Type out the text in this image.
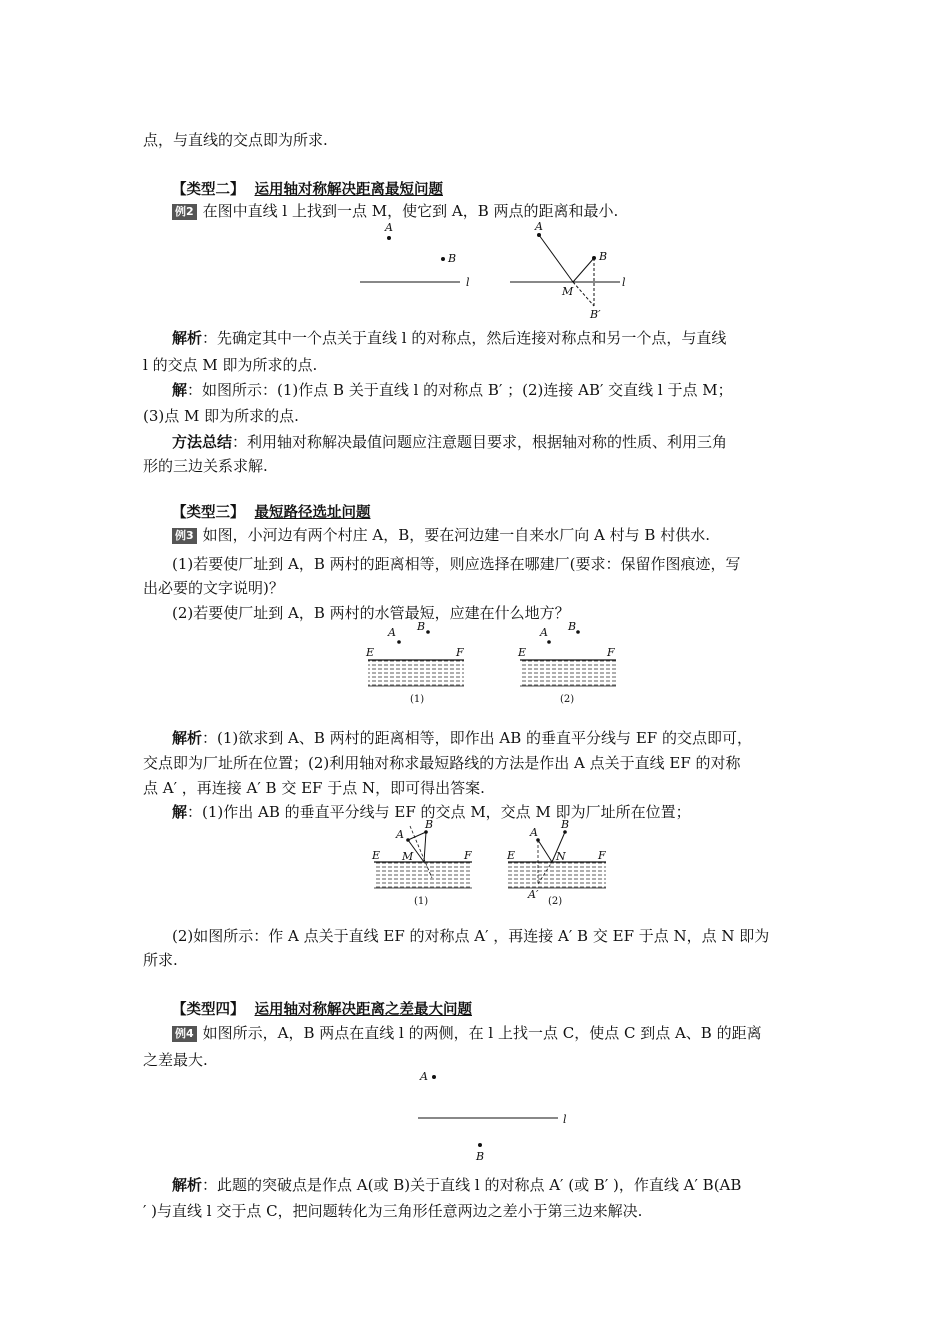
点，与直线的交点即为所求.
【类型二】 运用轴对称解决距离最短问题
例2 在图中直线 l 上找到一点 M，使它到 A，B 两点的距离和最小.
A
B
l	l
A
B
M
B′
解析：先确定其中一个点关于直线 l 的对称点，然后连接对称点和另一个点，与直线
l 的交点 M 即为所求的点.
解：如图所示：(1)作点 B 关于直线 l 的对称点 B′ ；(2)连接 AB′ 交直线 l 于点 M；
(3)点 M 即为所求的点.
方法总结：利用轴对称解决最值问题应注意题目要求，根据轴对称的性质、利用三角
形的三边关系求解.
【类型三】 最短路径选址问题
例3 如图，小河边有两个村庄 A，B，要在河边建一自来水厂向 A 村与 B 村供水.
(1)若要使厂址到 A，B 两村的距离相等，则应选择在哪建厂(要求：保留作图痕迹，写
出必要的文字说明)？
(2)若要使厂址到 A，B 两村的水管最短，应建在什么地方？
E	F
A B
(1)
E	F
A B
(2)
解析：(1)欲求到 A、B 两村的距离相等，即作出 AB 的垂直平分线与 EF 的交点即可，
交点即为厂址所在位置；(2)利用轴对称求最短路线的方法是作出 A 点关于直线 EF 的对称
点 A′ ，再连接 A′ B 交 EF 于点 N，即可得出答案.
解：(1)作出 AB 的垂直平分线与 EF 的交点 M，交点 M 即为厂址所在位置；
E	F
A
B
M
(1)
E	F
A
B
N
A′
(2)
(2)如图所示：作 A 点关于直线 EF 的对称点 A′ ，再连接 A′ B 交 EF 于点 N，点 N 即为
所求.
【类型四】 运用轴对称解决距离之差最大问题
例4 如图所示，A，B 两点在直线 l 的两侧，在 l 上找一点 C，使点 C 到点 A、B 的距离
之差最大.
A
l
B
解析：此题的突破点是作点 A(或 B)关于直线 l 的对称点 A′ (或 B′ )，作直线 A′ B(AB
′ )与直线 l 交于点 C，把问题转化为三角形任意两边之差小于第三边来解决.
